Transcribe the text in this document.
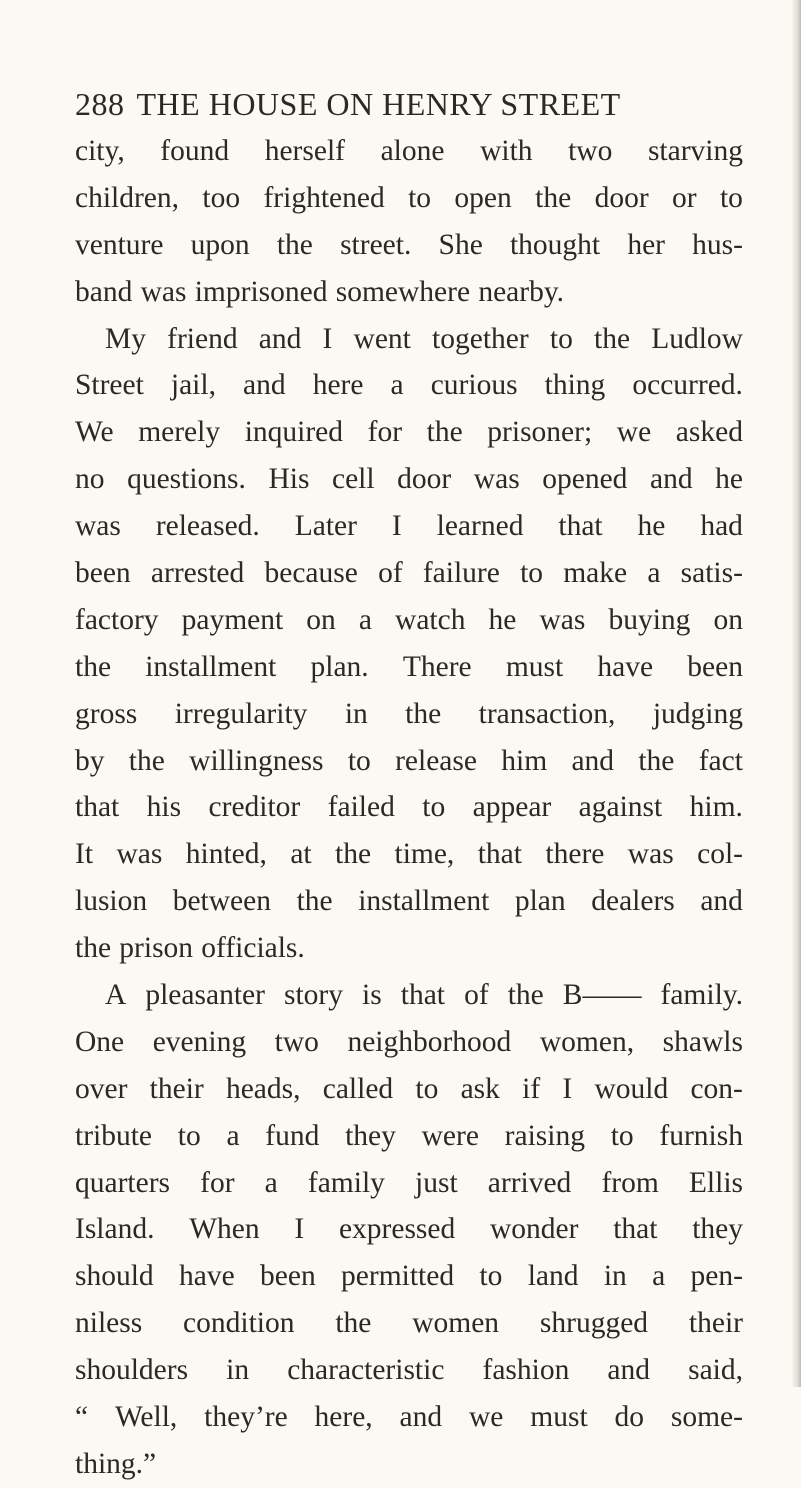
288 THE HOUSE ON HENRY STREET
city, found herself alone with two starving
children, too frightened to open the door or to
venture upon the street. She thought her hus-
band was imprisoned somewhere nearby.
My friend and I went together to the Ludlow
Street jail, and here a curious thing occurred.
We merely inquired for the prisoner; we asked
no questions. His cell door was opened and he
was released. Later I learned that he had
been arrested because of failure to make a satis-
factory payment on a watch he was buying on
the installment plan. There must have been
gross irregularity in the transaction, judging
by the willingness to release him and the fact
that his creditor failed to appear against him.
It was hinted, at the time, that there was col-
lusion between the installment plan dealers and
the prison officials.
A pleasanter story is that of the B—— family.
One evening two neighborhood women, shawls
over their heads, called to ask if I would con-
tribute to a fund they were raising to furnish
quarters for a family just arrived from Ellis
Island. When I expressed wonder that they
should have been permitted to land in a pen-
niless condition the women shrugged their
shoulders in characteristic fashion and said,
“ Well, they’re here, and we must do some-
thing.”
